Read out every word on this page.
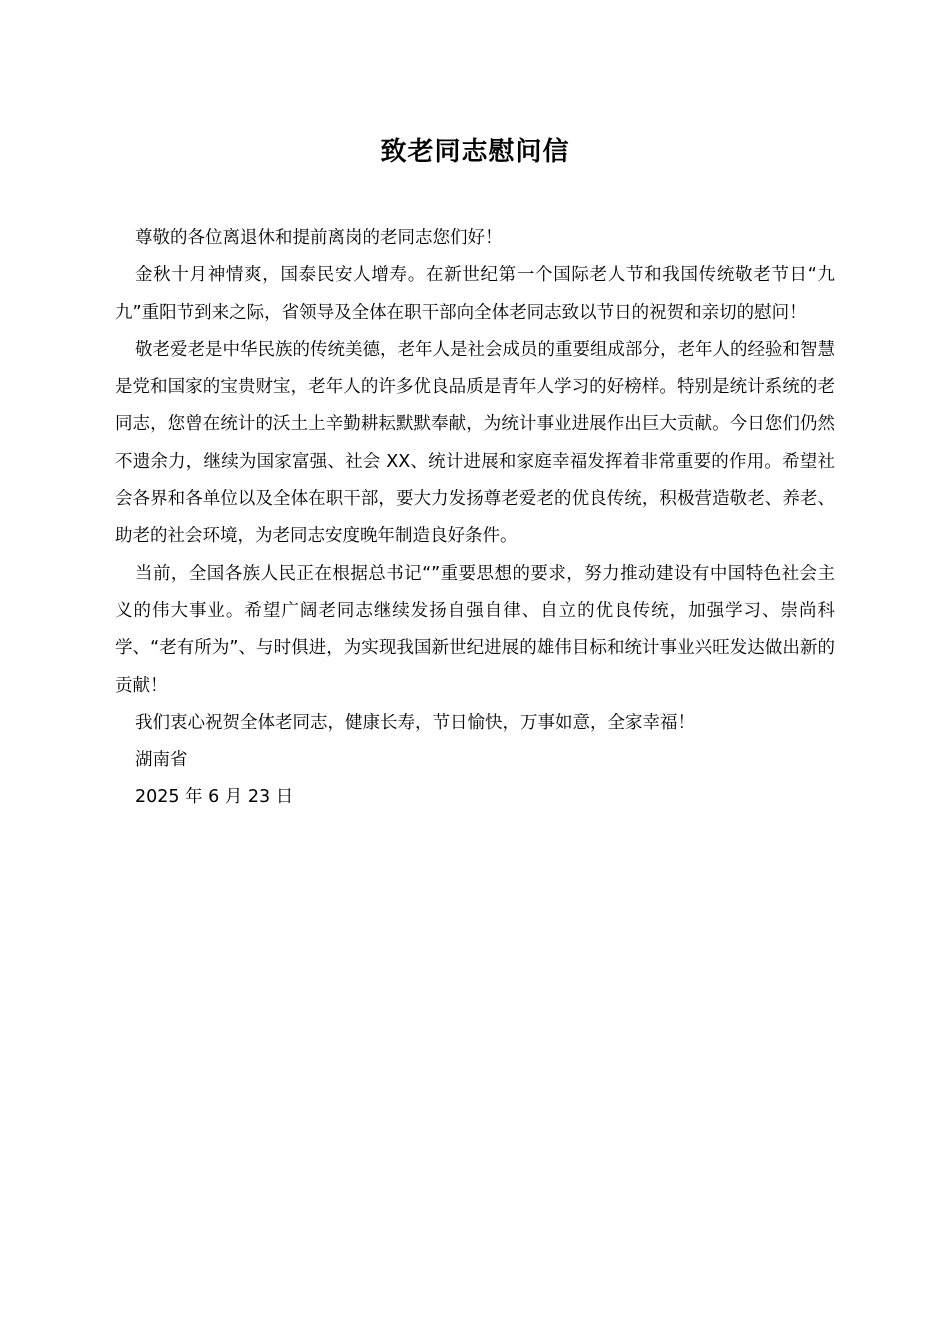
致老同志慰问信

尊敬的各位离退休和提前离岗的老同志您们好！

金秋十月神情爽，国泰民安人增寿。在新世纪第一个国际老人节和我国传统敬老节日“九九”重阳节到来之际，省领导及全体在职干部向全体老同志致以节日的祝贺和亲切的慰问！

敬老爱老是中华民族的传统美德，老年人是社会成员的重要组成部分，老年人的经验和智慧是党和国家的宝贵财宝，老年人的许多优良品质是青年人学习的好榜样。特别是统计系统的老同志，您曾在统计的沃土上辛勤耕耘默默奉献，为统计事业进展作出巨大贡献。今日您们仍然不遗余力，继续为国家富强、社会 XX、统计进展和家庭幸福发挥着非常重要的作用。希望社会各界和各单位以及全体在职干部，要大力发扬尊老爱老的优良传统，积极营造敬老、养老、助老的社会环境，为老同志安度晚年制造良好条件。

当前，全国各族人民正在根据总书记“”重要思想的要求，努力推动建设有中国特色社会主义的伟大事业。希望广阔老同志继续发扬自强自律、自立的优良传统，加强学习、崇尚科学、“老有所为”、与时俱进，为实现我国新世纪进展的雄伟目标和统计事业兴旺发达做出新的贡献！

我们衷心祝贺全体老同志，健康长寿，节日愉快，万事如意，全家幸福！

湖南省

2025 年 6 月 23 日
